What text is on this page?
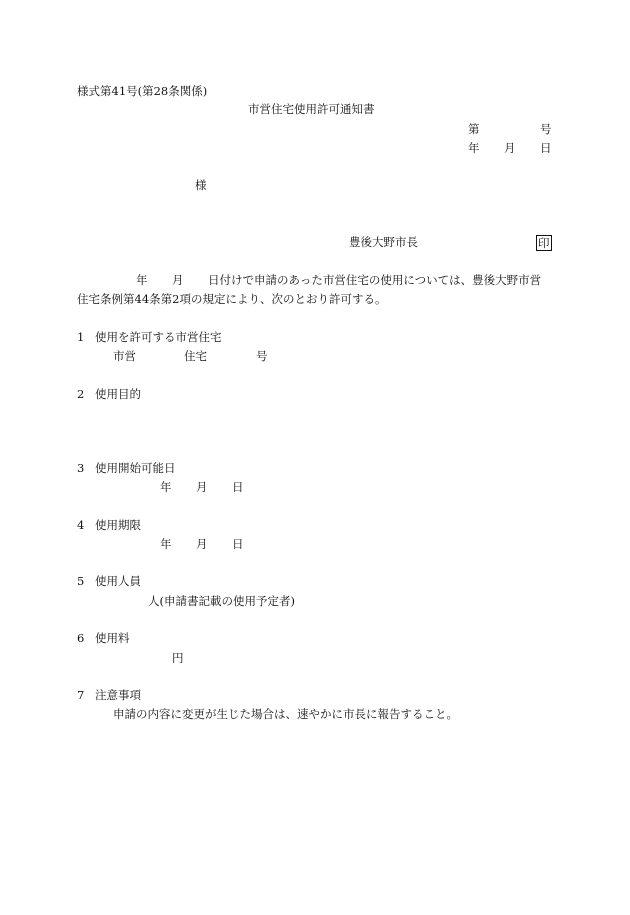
様式第41号(第28条関係)
市営住宅使用許可通知書
第	号
年 月 日
様
豊後大野市長	印
年 月 日付けで申請のあった市営住宅の使用については、豊後大野市営
住宅条例第44条第2項の規定により、次のとおり許可する。
1 使用を許可する市営住宅
市営	住宅	号
2 使用目的
3 使用開始可能日
年 月 日
4 使用期限
年 月 日
5 使用人員
人(申請書記載の使用予定者)
6 使用料
円
7 注意事項
申請の内容に変更が生じた場合は、速やかに市長に報告すること。
